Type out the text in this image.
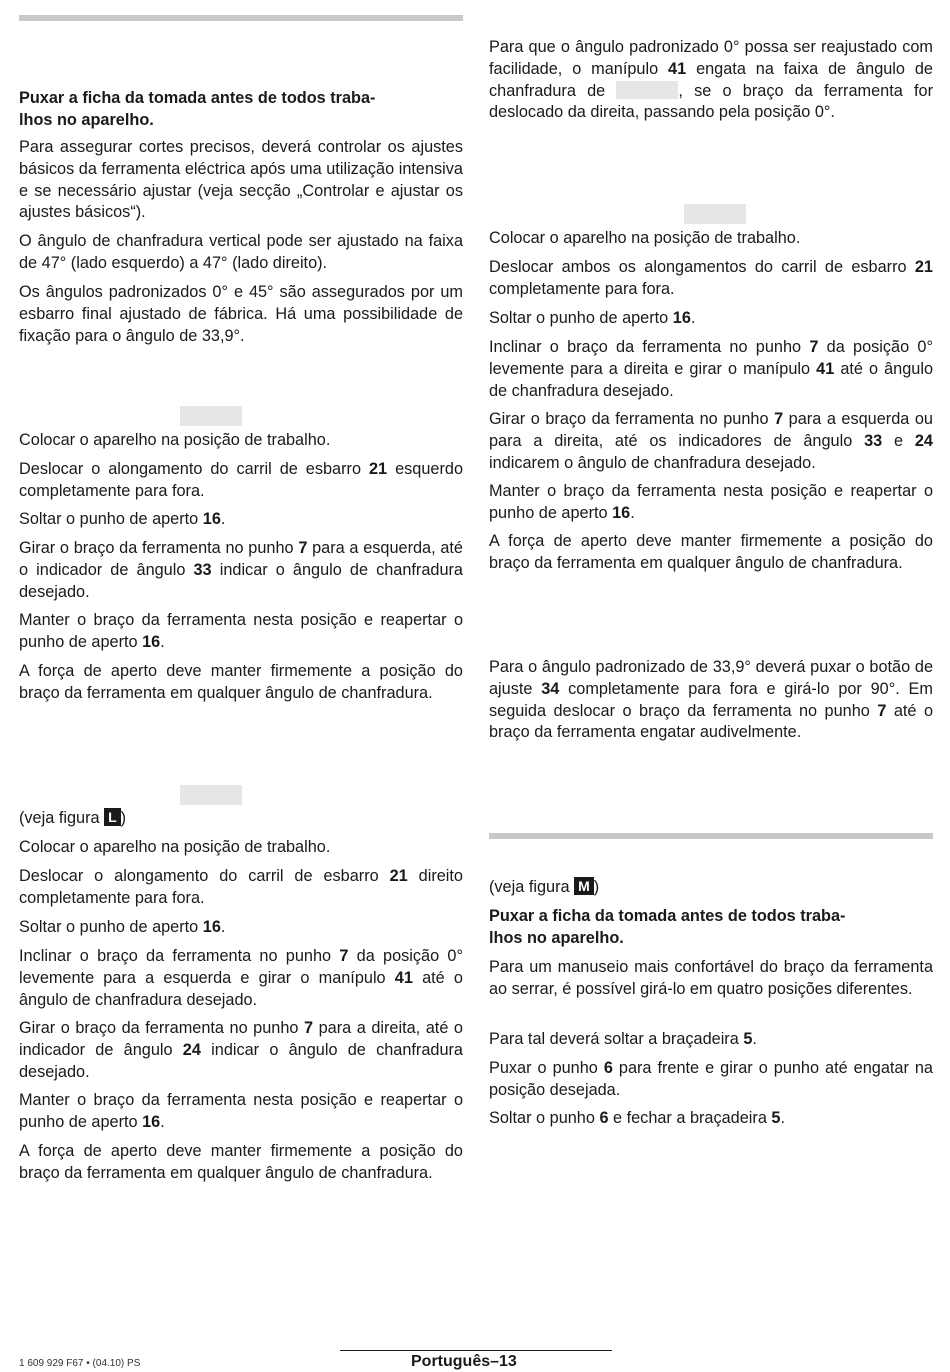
Puxar a ficha da tomada antes de todos traba-
lhos no aparelho.

Para assegurar cortes precisos, deverá controlar os ajustes básicos da ferramenta eléctrica após uma utilização intensiva e se necessário ajustar (veja secção „Controlar e ajustar os ajustes básicos“).

O ângulo de chanfradura vertical pode ser ajustado na faixa de 47° (lado esquerdo) a 47° (lado direito).

Os ângulos padronizados 0° e 45° são assegurados por um esbarro final ajustado de fábrica. Há uma possibilidade de fixação para o ângulo de 33,9°.

Colocar o aparelho na posição de trabalho.

Deslocar o alongamento do carril de esbarro 21 esquerdo completamente para fora.

Soltar o punho de aperto 16.

Girar o braço da ferramenta no punho 7 para a esquerda, até o indicador de ângulo 33 indicar o ângulo de chanfradura desejado.

Manter o braço da ferramenta nesta posição e reapertar o punho de aperto 16.

A força de aperto deve manter firmemente a posição do braço da ferramenta em qualquer ângulo de chanfradura.

(veja figura L )

Colocar o aparelho na posição de trabalho.

Deslocar o alongamento do carril de esbarro 21 direito completamente para fora.

Soltar o punho de aperto 16.

Inclinar o braço da ferramenta no punho 7 da posição 0° levemente para a esquerda e girar o manípulo 41 até o ângulo de chanfradura desejado.

Girar o braço da ferramenta no punho 7 para a direita, até o indicador de ângulo 24 indicar o ângulo de chanfradura desejado.

Manter o braço da ferramenta nesta posição e reapertar o punho de aperto 16.

A força de aperto deve manter firmemente a posição do braço da ferramenta em qualquer ângulo de chanfradura.

Para que o ângulo padronizado 0° possa ser reajustado com facilidade, o manípulo 41 engata na faixa de ângulo de chanfradura de	, se o braço da ferramenta for deslocado da direita, passando pela posição 0°.

Colocar o aparelho na posição de trabalho.

Deslocar ambos os alongamentos do carril de esbarro 21 completamente para fora.

Soltar o punho de aperto 16.

Inclinar o braço da ferramenta no punho 7 da posição 0° levemente para a direita e girar o manípulo 41 até o ângulo de chanfradura desejado.

Girar o braço da ferramenta no punho 7 para a esquerda ou para a direita, até os indicadores de ângulo 33 e 24 indicarem o ângulo de chanfradura desejado.

Manter o braço da ferramenta nesta posição e reapertar o punho de aperto 16.

A força de aperto deve manter firmemente a posição do braço da ferramenta em qualquer ângulo de chanfradura.

Para o ângulo padronizado de 33,9° deverá puxar o botão de ajuste 34 completamente para fora e girá-lo por 90°. Em seguida deslocar o braço da ferramenta no punho 7 até o braço da ferramenta engatar audivelmente.

(veja figura M )

Puxar a ficha da tomada antes de todos traba-
lhos no aparelho.

Para um manuseio mais confortável do braço da ferramenta ao serrar, é possível girá-lo em quatro posições diferentes.

Para tal deverá soltar a braçadeira 5.

Puxar o punho 6 para frente e girar o punho até engatar na posição desejada.

Soltar o punho 6 e fechar a braçadeira 5.

1 609 929 F67 • (04.10) PS	Português–13
